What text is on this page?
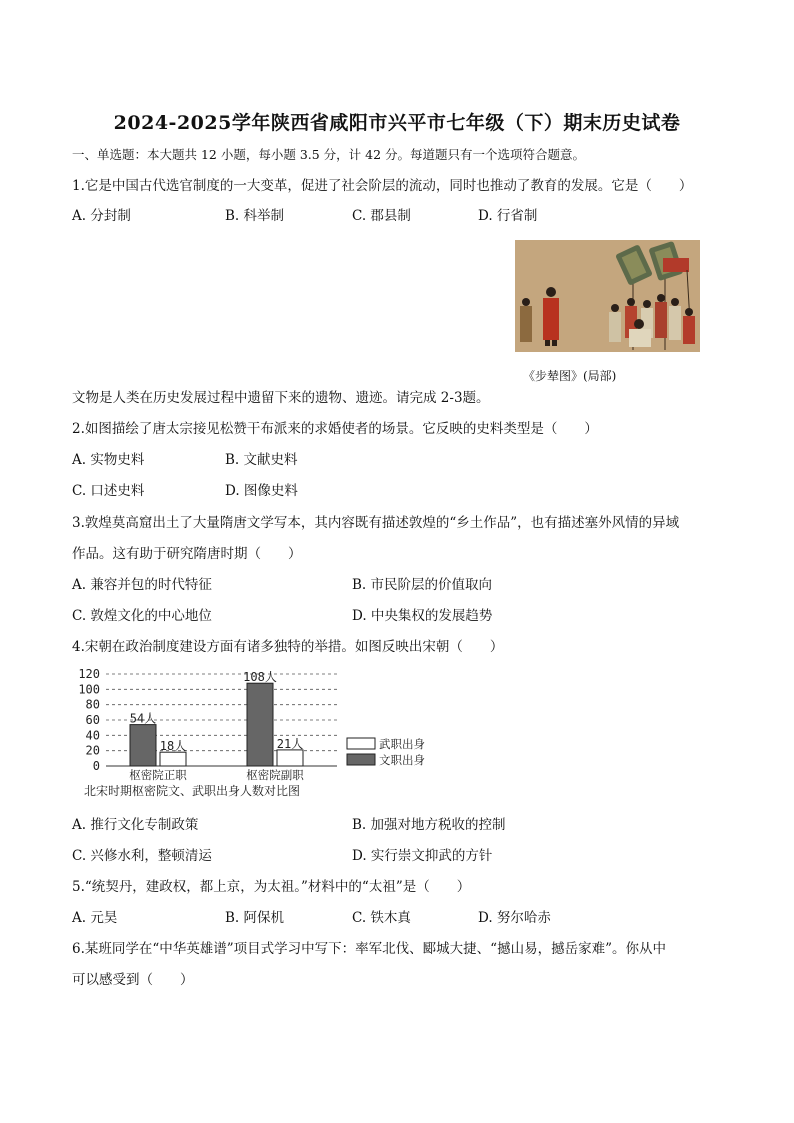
2024-2025学年陕西省咸阳市兴平市七年级（下）期末历史试卷
一、单选题：本大题共 12 小题，每小题 3.5 分，计 42 分。每道题只有一个选项符合题意。
1.它是中国古代选官制度的一大变革，促进了社会阶层的流动，同时也推动了教育的发展。它是（　　）
A. 分封制	B. 科举制	C. 郡县制	D. 行省制
《步辇图》(局部)
文物是人类在历史发展过程中遗留下来的遗物、遗迹。请完成 2-3题。
2.如图描绘了唐太宗接见松赞干布派来的求婚使者的场景。它反映的史料类型是（　　）
A. 实物史料	B. 文献史料
C. 口述史料	D. 图像史料
3.敦煌莫高窟出土了大量隋唐文学写本，其内容既有描述敦煌的“乡土作品”，也有描述塞外风情的异域
作品。这有助于研究隋唐时期（　　）
A. 兼容并包的时代特征	B. 市民阶层的价值取向
C. 敦煌文化的中心地位	D. 中央集权的发展趋势
4.宋朝在政治制度建设方面有诸多独特的举措。如图反映出宋朝（　　）
0
20
40
60
80
100
120
54人
18人
枢密院正职
108人
21人
枢密院副职
武职出身
文职出身
北宋时期枢密院文、武职出身人数对比图
A. 推行文化专制政策	B. 加强对地方税收的控制
C. 兴修水利，整顿清运	D. 实行崇文抑武的方针
5.“统契丹，建政权，都上京，为太祖。”材料中的“太祖”是（　　）
A. 元昊	B. 阿保机	C. 铁木真	D. 努尔哈赤
6.某班同学在“中华英雄谱”项目式学习中写下：率军北伐、郾城大捷、“撼山易，撼岳家难”。你从中
可以感受到（　　）
